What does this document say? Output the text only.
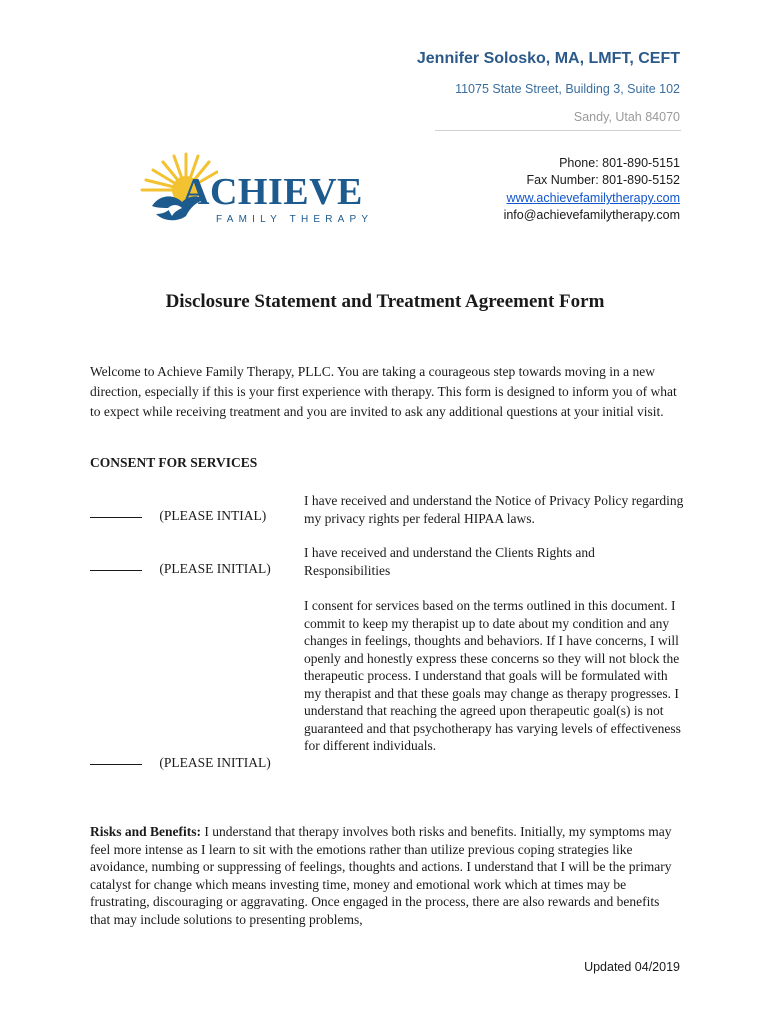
Jennifer Solosko, MA, LMFT, CEFT
11075 State Street, Building 3, Suite 102
Sandy, Utah 84070
Phone: 801-890-5151
Fax Number: 801-890-5152
www.achievefamilytherapy.com
info@achievefamilytherapy.com
ACHIEVE
FAMILY THERAPY
Disclosure Statement and Treatment Agreement Form
Welcome to Achieve Family Therapy, PLLC. You are taking a courageous step towards moving in a new direction, especially if this is your first experience with therapy. This form is designed to inform you of what to expect while receiving treatment and you are invited to ask any additional questions at your initial visit.
CONSENT FOR SERVICES
(PLEASE INTIAL)
I have received and understand the Notice of Privacy Policy regarding my privacy rights per federal HIPAA laws.
(PLEASE INITIAL)
I have received and understand the Clients Rights and Responsibilities
I consent for services based on the terms outlined in this document. I commit to keep my therapist up to date about my condition and any changes in feelings, thoughts and behaviors. If I have concerns, I will openly and honestly express these concerns so they will not block the therapeutic process. I understand that goals will be formulated with my therapist and that these goals may change as therapy progresses. I understand that reaching the agreed upon therapeutic goal(s) is not guaranteed and that psychotherapy has varying levels of effectiveness for different individuals.
(PLEASE INITIAL)
Risks and Benefits: I understand that therapy involves both risks and benefits. Initially, my symptoms may feel more intense as I learn to sit with the emotions rather than utilize previous coping strategies like avoidance, numbing or suppressing of feelings, thoughts and actions. I understand that I will be the primary catalyst for change which means investing time, money and emotional work which at times may be frustrating, discouraging or aggravating. Once engaged in the process, there are also rewards and benefits that may include solutions to presenting problems,
Updated 04/2019
